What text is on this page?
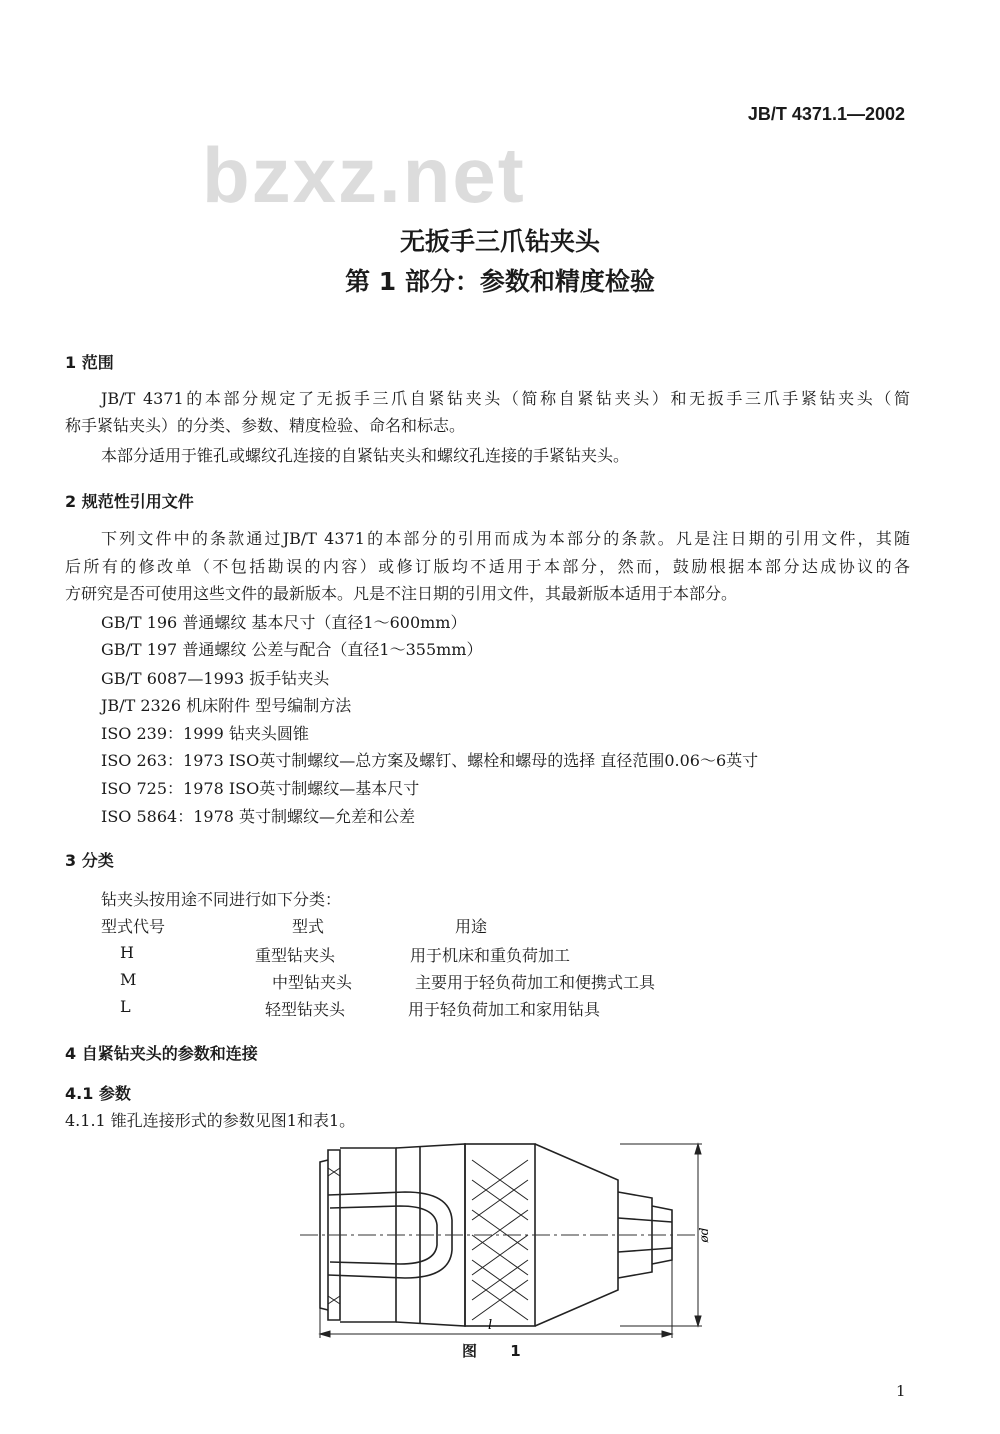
JB/T 4371.1—2002
bzxz.net
无扳手三爪钻夹头
第 1 部分：参数和精度检验
1 范围
JB/T 4371的本部分规定了无扳手三爪自紧钻夹头（简称自紧钻夹头）和无扳手三爪手紧钻夹头（简
称手紧钻夹头）的分类、参数、精度检验、命名和标志。
本部分适用于锥孔或螺纹孔连接的自紧钻夹头和螺纹孔连接的手紧钻夹头。
2 规范性引用文件
下列文件中的条款通过JB/T 4371的本部分的引用而成为本部分的条款。凡是注日期的引用文件，其随
后所有的修改单（不包括勘误的内容）或修订版均不适用于本部分，然而，鼓励根据本部分达成协议的各
方研究是否可使用这些文件的最新版本。凡是不注日期的引用文件，其最新版本适用于本部分。
GB/T 196 普通螺纹 基本尺寸（直径1～600mm）
GB/T 197 普通螺纹 公差与配合（直径1～355mm）
GB/T 6087—1993 扳手钻夹头
JB/T 2326 机床附件 型号编制方法
ISO 239：1999 钻夹头圆锥
ISO 263：1973 ISO英寸制螺纹—总方案及螺钉、螺栓和螺母的选择 直径范围0.06～6英寸
ISO 725：1978 ISO英寸制螺纹—基本尺寸
ISO 5864：1978 英寸制螺纹—允差和公差
3 分类
钻夹头按用途不同进行如下分类：
型式代号	型式	用途
H	重型钻夹头	用于机床和重负荷加工
M	中型钻夹头	主要用于轻负荷加工和便携式工具
L	轻型钻夹头	用于轻负荷加工和家用钻具
4 自紧钻夹头的参数和连接
4.1 参数
4.1.1 锥孔连接形式的参数见图1和表1。
ød
l
图 1
1
